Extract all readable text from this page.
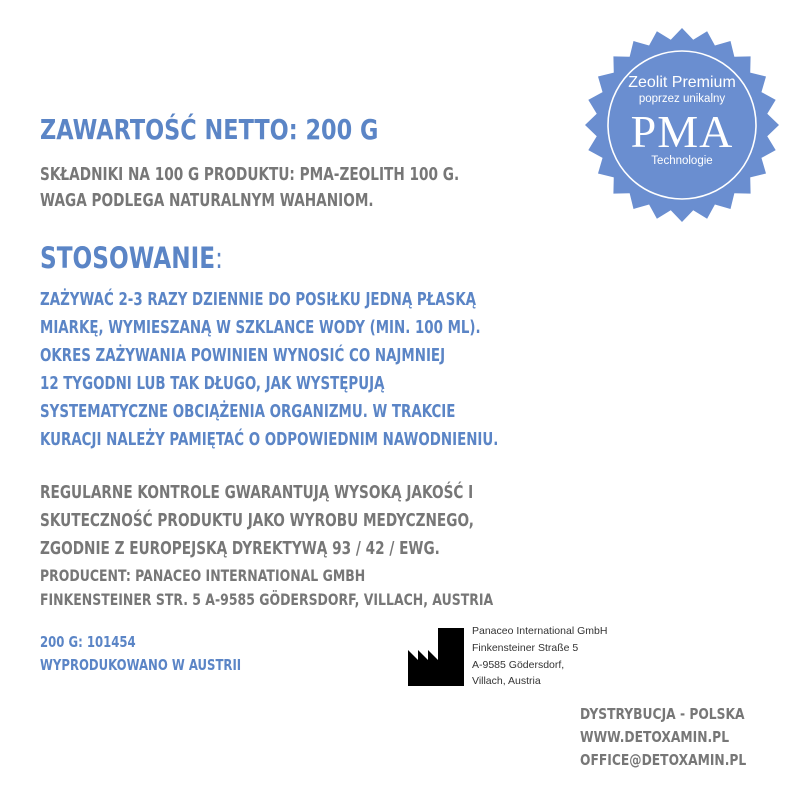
ZAWARTOŚĆ NETTO: 200 G

SKŁADNIKI NA 100 G PRODUKTU: PMA-ZEOLITH 100 G.

WAGA PODLEGA NATURALNYM WAHANIOM.

STOSOWANIE:

ZAŻYWAĆ 2-3 RAZY DZIENNIE DO POSIŁKU JEDNĄ PŁASKĄ

MIARKĘ, WYMIESZANĄ W SZKLANCE WODY (MIN. 100 ML).

OKRES ZAŻYWANIA POWINIEN WYNOSIĆ CO NAJMNIEJ

12 TYGODNI LUB TAK DŁUGO, JAK WYSTĘPUJĄ

SYSTEMATYCZNE OBCIĄŻENIA ORGANIZMU. W TRAKCIE

KURACJI NALEŻY PAMIĘTAĆ O ODPOWIEDNIM NAWODNIENIU.

REGULARNE KONTROLE GWARANTUJĄ WYSOKĄ JAKOŚĆ I

SKUTECZNOŚĆ PRODUKTU JAKO WYROBU MEDYCZNEGO,

ZGODNIE Z EUROPEJSKĄ DYREKTYWĄ 93 / 42 / EWG.

PRODUCENT: PANACEO INTERNATIONAL GMBH

FINKENSTEINER STR. 5 A-9585 GÖDERSDORF, VILLACH, AUSTRIA

200 G: 101454

WYPRODUKOWANO W AUSTRII

Panaceo International GmbH

Finkensteiner Straße 5

A-9585 Gödersdorf,

Villach, Austria

DYSTRYBUCJA - POLSKA

WWW.DETOXAMIN.PL

OFFICE@DETOXAMIN.PL

Zeolit Premium
poprzez unikalny
PMA
Technologie
